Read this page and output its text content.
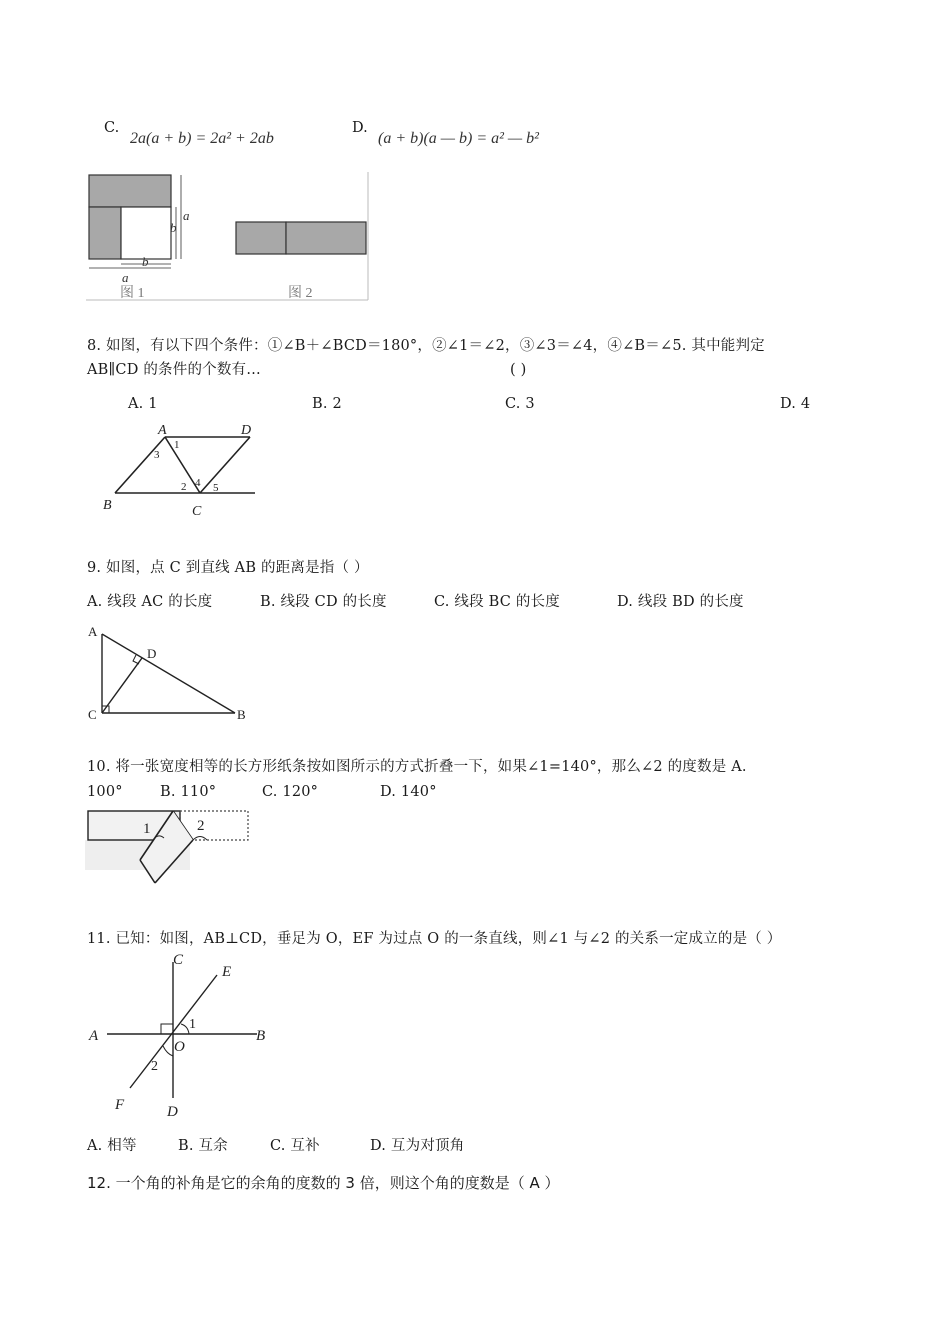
C.
2a(a + b) = 2a² + 2ab
D.
(a + b)(a — b) = a² — b²
a
b
b
a
图 1	图 2
8. 如图，有以下四个条件：①∠B＋∠BCD＝180°，②∠1＝∠2，③∠3＝∠4，④∠B＝∠5. 其中能判定
AB∥CD 的条件的个数有…	( )
A. 1	B. 2	C. 3	D. 4
A	D
B	C
1
2
3
4 5
9. 如图，点 C 到直线 AB 的距离是指（ ）
A. 线段 AC 的长度	B. 线段 CD 的长度	C. 线段 BC 的长度	D. 线段 BD 的长度
A
D
C	B
10. 将一张宽度相等的长方形纸条按如图所示的方式折叠一下，如果∠1=140°，那么∠2 的度数是 A.
100°	B. 110°	C. 120°	D. 140°
1	2
11. 已知：如图，AB⊥CD，垂足为 O，EF 为过点 O 的一条直线，则∠1 与∠2 的关系一定成立的是（ ）
C
E
A	B
O
F	D
1
2
A. 相等	B. 互余	C. 互补	D. 互为对顶角
12. 一个角的补角是它的余角的度数的 3 倍，则这个角的度数是（ A ）
